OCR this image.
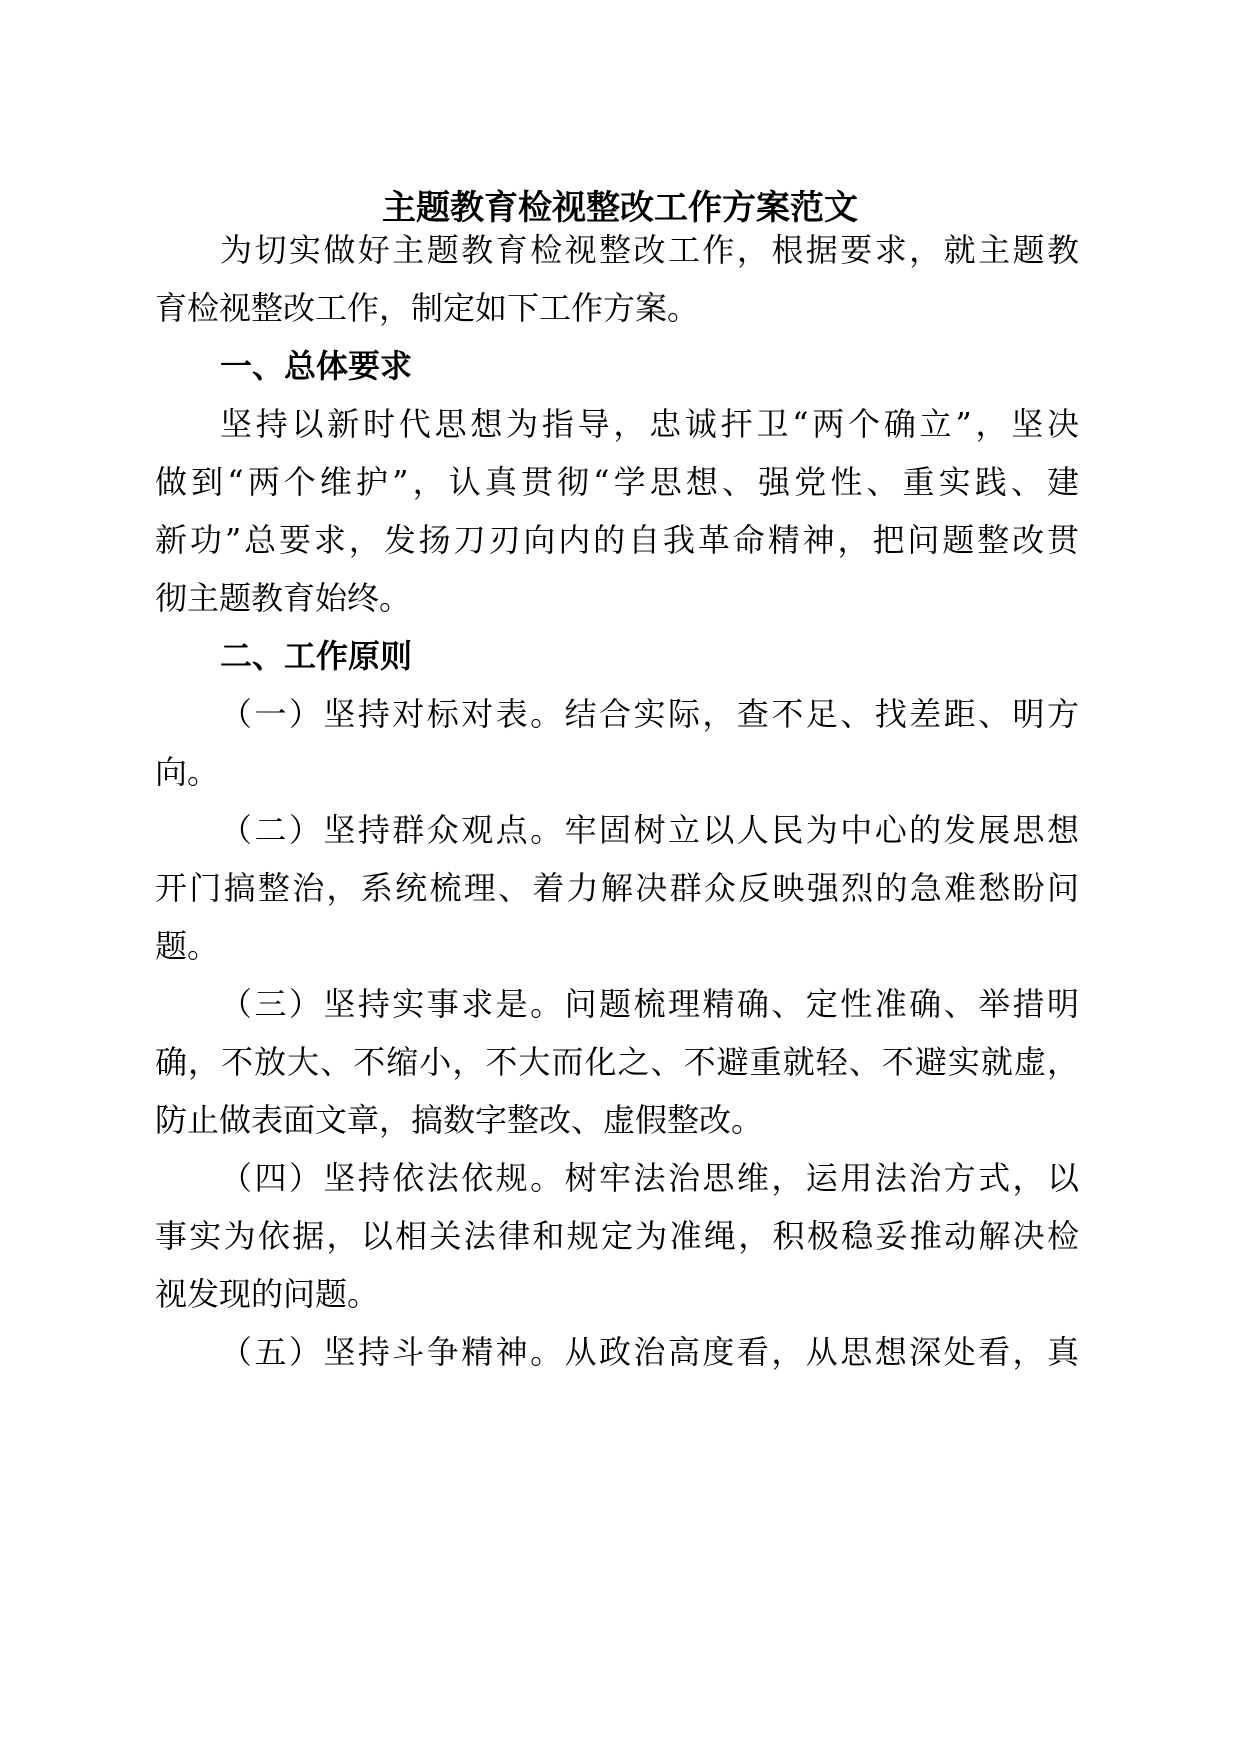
主题教育检视整改工作方案范文
为切实做好主题教育检视整改工作，根据要求，就主题教
育检视整改工作，制定如下工作方案。
一、总体要求
坚持以新时代思想为指导，忠诚扞卫“两个确立”，坚决
做到“两个维护”，认真贯彻“学思想、强党性、重实践、建
新功”总要求，发扬刀刃向内的自我革命精神，把问题整改贯
彻主题教育始终。
二、工作原则
（一）坚持对标对表。结合实际，查不足、找差距、明方
向。
（二）坚持群众观点。牢固树立以人民为中心的发展思想
开门搞整治，系统梳理、着力解决群众反映强烈的急难愁盼问
题。
（三）坚持实事求是。问题梳理精确、定性准确、举措明
确，不放大、不缩小，不大而化之、不避重就轻、不避实就虚，
防止做表面文章，搞数字整改、虚假整改。
（四）坚持依法依规。树牢法治思维，运用法治方式，以
事实为依据，以相关法律和规定为准绳，积极稳妥推动解决检
视发现的问题。
（五）坚持斗争精神。从政治高度看，从思想深处看，真
